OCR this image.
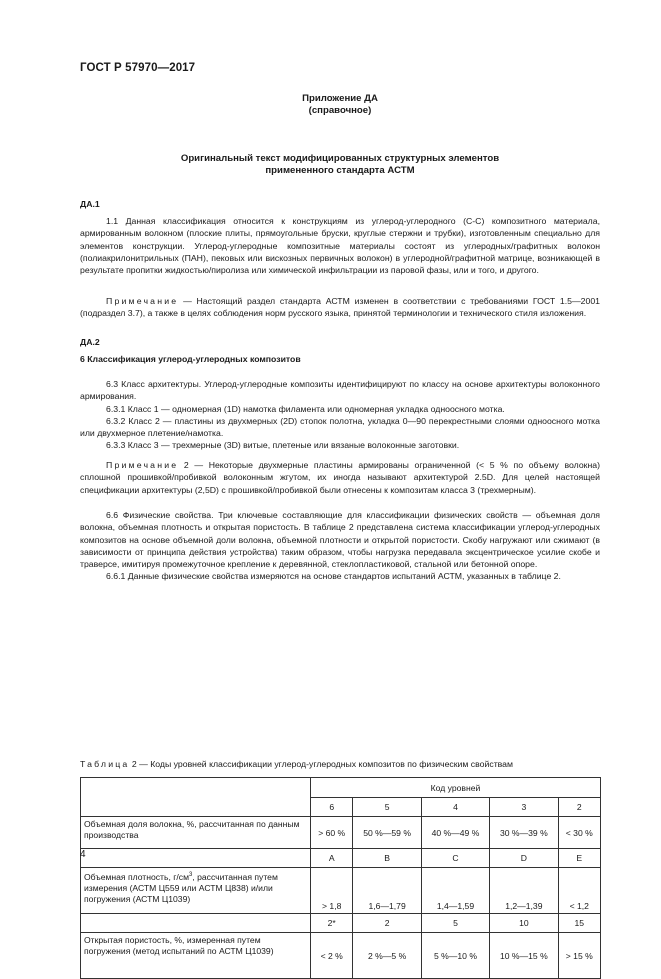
ГОСТ Р 57970—2017
Приложение ДА
(справочное)
Оригинальный текст модифицированных структурных элементов
примененного стандарта АСТМ
ДА.1

1.1 Данная классификация относится к конструкциям из углерод-углеродного (С-С) композитного материала, армированным волокном (плоские плиты, прямоугольные бруски, круглые стержни и трубки), изготовленным специально для элементов конструкции. Углерод-углеродные композитные материалы состоят из углеродных/графитных волокон (полиакрилонитрильных (ПАН), пековых или вискозных первичных волокон) в углеродной/графитной матрице, возникающей в результате пропитки жидкостью/пиролиза или химической инфильтрации из паровой фазы, или и того, и другого.

Примечание — Настоящий раздел стандарта АСТМ изменен в соответствии с требованиями ГОСТ 1.5—2001 (подраздел 3.7), а также в целях соблюдения норм русского языка, принятой терминологии и технического стиля изложения.

ДА.2
6 Классификация углерод-углеродных композитов

6.3 Класс архитектуры. Углерод-углеродные композиты идентифицируют по классу на основе архитектуры волоконного армирования.

6.3.1 Класс 1 — одномерная (1D) намотка филамента или одномерная укладка одноосного мотка.

6.3.2 Класс 2 — пластины из двухмерных (2D) стопок полотна, укладка 0—90 перекрестными слоями одноосного мотка или двухмерное плетение/намотка.

6.3.3 Класс 3 — трехмерные (3D) витые, плетеные или вязаные волоконные заготовки.

Примечание 2 — Некоторые двухмерные пластины армированы ограниченной (< 5 % по объему волокна) сплошной прошивкой/пробивкой волоконным жгутом, их иногда называют архитектурой 2.5D. Для целей настоящей спецификации архитектуры (2,5D) с прошивкой/пробивкой были отнесены к композитам класса 3 (трехмерным).

6.6 Физические свойства. Три ключевые составляющие для классификации физических свойств — объемная доля волокна, объемная плотность и открытая пористость. В таблице 2 представлена система классификации углерод-углеродных композитов на основе объемной доли волокна, объемной плотности и открытой пористости. Скобу нагружают или сжимают (в зависимости от принципа действия устройства) таким образом, чтобы нагрузка передавала эксцентрическое усилие скобе и траверсе, имитируя промежуточное крепление к деревянной, стеклопластиковой, стальной или бетонной опоре.

6.6.1 Данные физические свойства измеряются на основе стандартов испытаний АСТМ, указанных в таблице 2.

Таблица 2 — Коды уровней классификации углерод-углеродных композитов по физическим свойствам
	Код уровней				
	6	5	4	3	2
Объемная доля волокна, %, рассчитанная по данным производства	> 60 %	50 %—59 %	40 %—49 %	30 %—39 %	< 30 %
	A	B	C	D	E
Объемная плотность, $г/см^3$, рассчитанная путем измерения (АСТМ Ц559 или АСТМ Ц838) и/или погружения (АСТМ Ц1039)	> 1,8	1,6—1,79	1,4—1,59	1,2—1,39	< 1,2
	2*	2	5	10	15
Открытая пористость, %, измеренная путем погружения (метод испытаний по АСТМ Ц1039)	< 2 %	2 %—5 %	5 %—10 %	10 %—15 %	> 15 %
4
